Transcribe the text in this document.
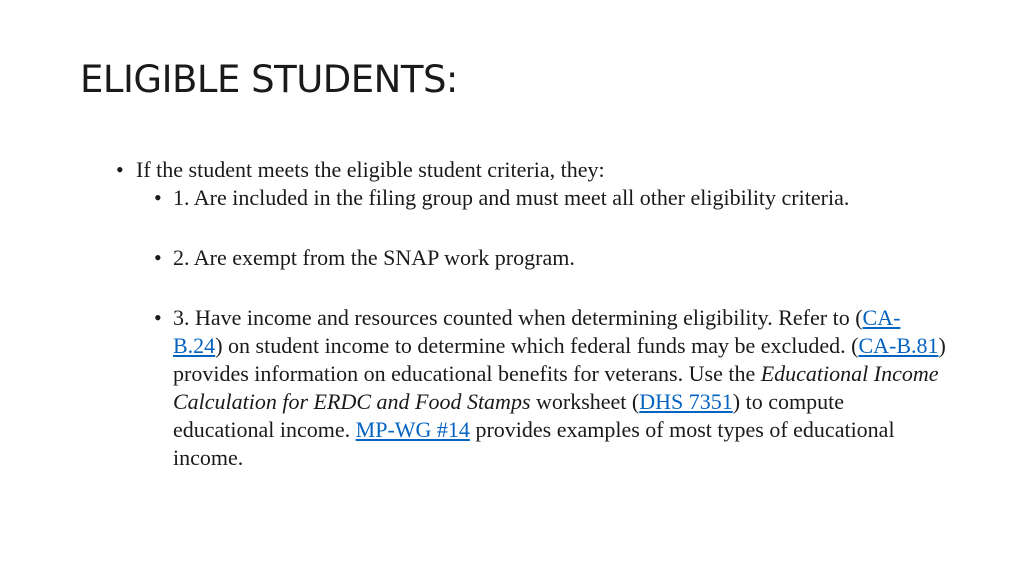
ELIGIBLE STUDENTS:
• If the student meets the eligible student criteria, they:
• 1. Are included in the filing group and must meet all other eligibility criteria.
• 2. Are exempt from the SNAP work program.
• 3. Have income and resources counted when determining eligibility. Refer to (CA-B.24) on student income to determine which federal funds may be excluded. (CA-B.81) provides information on educational benefits for veterans. Use the Educational Income Calculation for ERDC and Food Stamps worksheet (DHS 7351) to compute educational income. MP-WG #14 provides examples of most types of educational income.
